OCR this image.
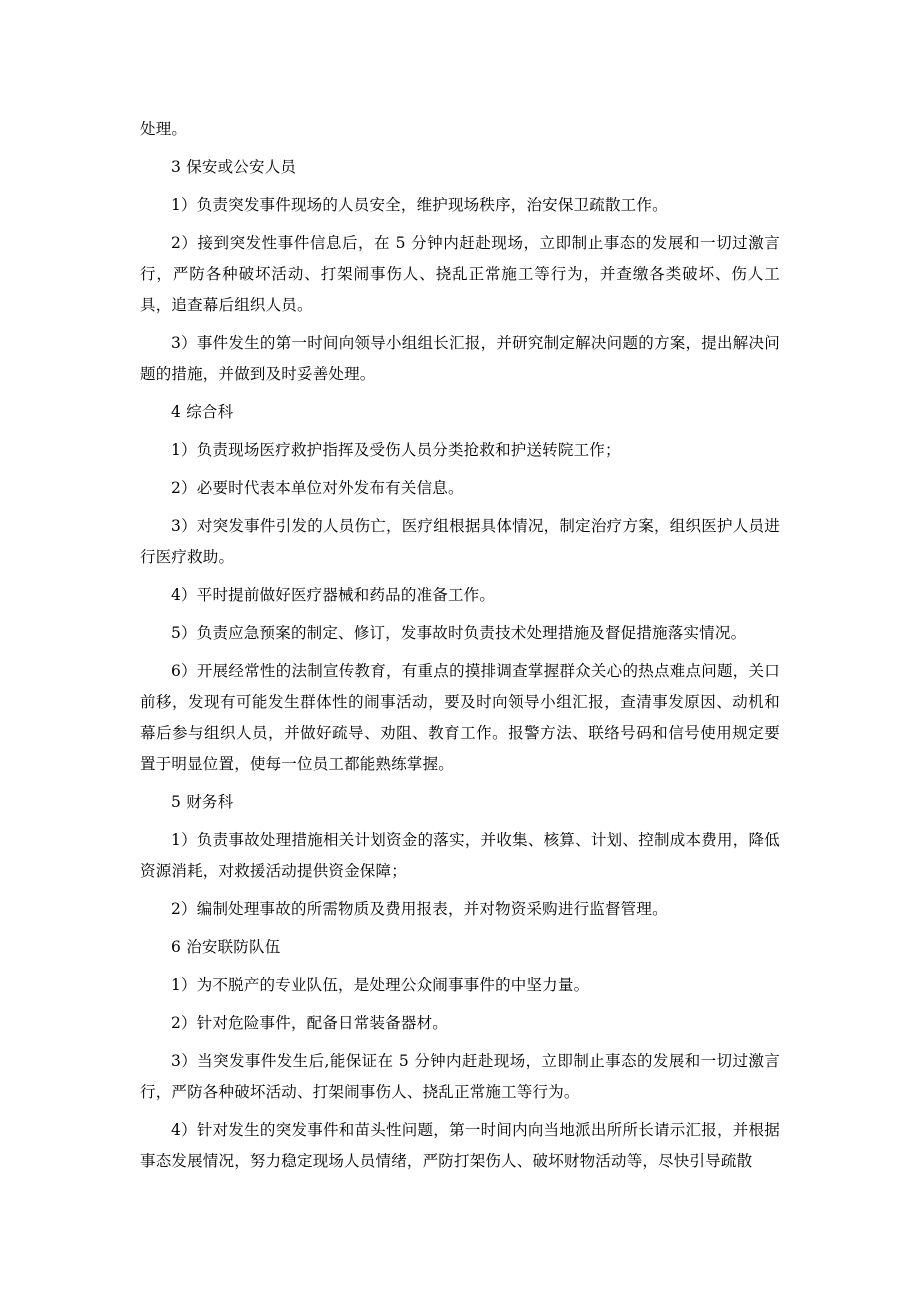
处理。

3 保安或公安人员

1）负责突发事件现场的人员安全，维护现场秩序，治安保卫疏散工作。

2）接到突发性事件信息后，在 5 分钟内赶赴现场，立即制止事态的发展和一切过激言行，严防各种破坏活动、打架闹事伤人、挠乱正常施工等行为，并查缴各类破坏、伤人工具，追查幕后组织人员。

3）事件发生的第一时间向领导小组组长汇报，并研究制定解决问题的方案，提出解决问题的措施，并做到及时妥善处理。

4 综合科

1）负责现场医疗救护指挥及受伤人员分类抢救和护送转院工作；

2）必要时代表本单位对外发布有关信息。

3）对突发事件引发的人员伤亡，医疗组根据具体情况，制定治疗方案，组织医护人员进行医疗救助。

4）平时提前做好医疗器械和药品的准备工作。

5）负责应急预案的制定、修订，发事故时负责技术处理措施及督促措施落实情况。

6）开展经常性的法制宣传教育，有重点的摸排调查掌握群众关心的热点难点问题，关口前移，发现有可能发生群体性的闹事活动，要及时向领导小组汇报，查清事发原因、动机和幕后参与组织人员，并做好疏导、劝阻、教育工作。报警方法、联络号码和信号使用规定要置于明显位置，使每一位员工都能熟练掌握。

5 财务科

1）负责事故处理措施相关计划资金的落实，并收集、核算、计划、控制成本费用，降低资源消耗，对救援活动提供资金保障；

2）编制处理事故的所需物质及费用报表，并对物资采购进行监督管理。

6 治安联防队伍

1）为不脱产的专业队伍，是处理公众闹事事件的中坚力量。

2）针对危险事件，配备日常装备器材。

3）当突发事件发生后,能保证在 5 分钟内赶赴现场，立即制止事态的发展和一切过激言行，严防各种破坏活动、打架闹事伤人、挠乱正常施工等行为。

4）针对发生的突发事件和苗头性问题，第一时间内向当地派出所所长请示汇报，并根据事态发展情况，努力稳定现场人员情绪，严防打架伤人、破坏财物活动等，尽快引导疏散
